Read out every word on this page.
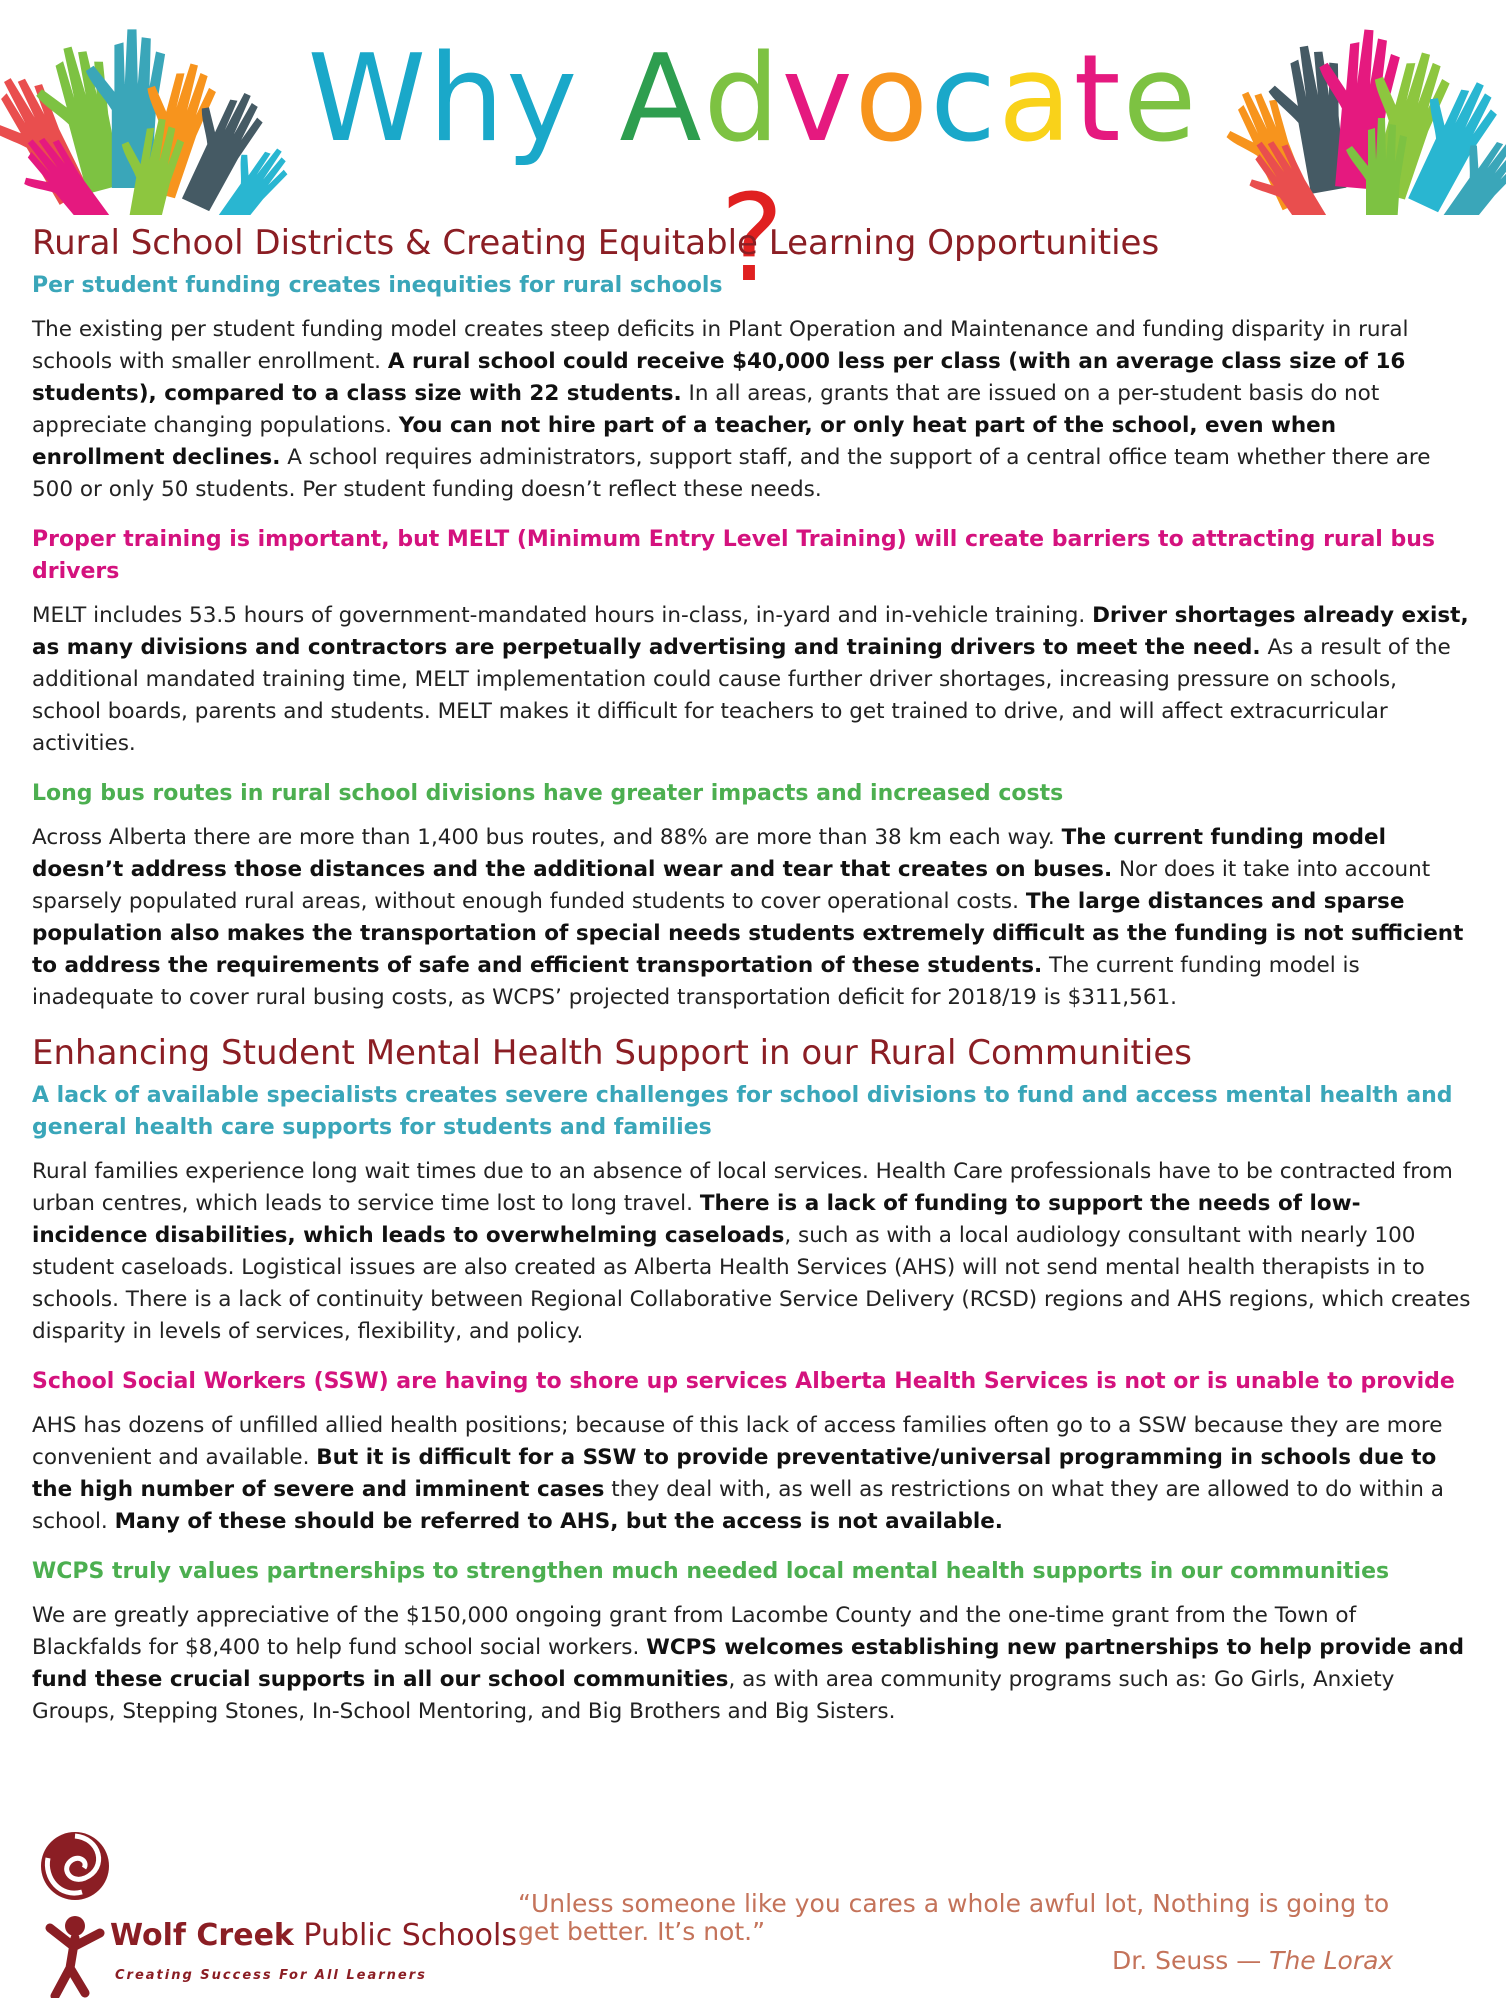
Why Advocate?
Rural School Districts & Creating Equitable Learning Opportunities
Per student funding creates inequities for rural schools
The existing per student funding model creates steep deficits in Plant Operation and Maintenance and funding disparity in rural schools with smaller enrollment. A rural school could receive $40,000 less per class (with an average class size of 16 students), compared to a class size with 22 students. In all areas, grants that are issued on a per-student basis do not appreciate changing populations. You can not hire part of a teacher, or only heat part of the school, even when enrollment declines. A school requires administrators, support staff, and the support of a central office team whether there are 500 or only 50 students. Per student funding doesn’t reflect these needs.
Proper training is important, but MELT (Minimum Entry Level Training) will create barriers to attracting rural bus drivers
MELT includes 53.5 hours of government-mandated hours in-class, in-yard and in-vehicle training. Driver shortages already exist, as many divisions and contractors are perpetually advertising and training drivers to meet the need. As a result of the additional mandated training time, MELT implementation could cause further driver shortages, increasing pressure on schools, school boards, parents and students. MELT makes it difficult for teachers to get trained to drive, and will affect extracurricular activities.
Long bus routes in rural school divisions have greater impacts and increased costs
Across Alberta there are more than 1,400 bus routes, and 88% are more than 38 km each way. The current funding model doesn’t address those distances and the additional wear and tear that creates on buses. Nor does it take into account sparsely populated rural areas, without enough funded students to cover operational costs. The large distances and sparse population also makes the transportation of special needs students extremely difficult as the funding is not sufficient to address the requirements of safe and efficient transportation of these students. The current funding model is inadequate to cover rural busing costs, as WCPS’ projected transportation deficit for 2018/19 is $311,561.
Enhancing Student Mental Health Support in our Rural Communities
A lack of available specialists creates severe challenges for school divisions to fund and access mental health and general health care supports for students and families
Rural families experience long wait times due to an absence of local services. Health Care professionals have to be contracted from urban centres, which leads to service time lost to long travel. There is a lack of funding to support the needs of low-incidence disabilities, which leads to overwhelming caseloads, such as with a local audiology consultant with nearly 100 student caseloads. Logistical issues are also created as Alberta Health Services (AHS) will not send mental health therapists in to schools. There is a lack of continuity between Regional Collaborative Service Delivery (RCSD) regions and AHS regions, which creates disparity in levels of services, flexibility, and policy.
School Social Workers (SSW) are having to shore up services Alberta Health Services is not or is unable to provide
AHS has dozens of unfilled allied health positions; because of this lack of access families often go to a SSW because they are more convenient and available. But it is difficult for a SSW to provide preventative/universal programming in schools due to the high number of severe and imminent cases they deal with, as well as restrictions on what they are allowed to do within a school. Many of these should be referred to AHS, but the access is not available.
WCPS truly values partnerships to strengthen much needed local mental health supports in our communities
We are greatly appreciative of the $150,000 ongoing grant from Lacombe County and the one-time grant from the Town of Blackfalds for $8,400 to help fund school social workers. WCPS welcomes establishing new partnerships to help provide and fund these crucial supports in all our school communities, as with area community programs such as: Go Girls, Anxiety Groups, Stepping Stones, In-School Mentoring, and Big Brothers and Big Sisters.
Wolf Creek Public Schools
Creating Success For All Learners
“Unless someone like you cares a whole awful lot, Nothing is going to get better. It’s not.”
Dr. Seuss — The Lorax
